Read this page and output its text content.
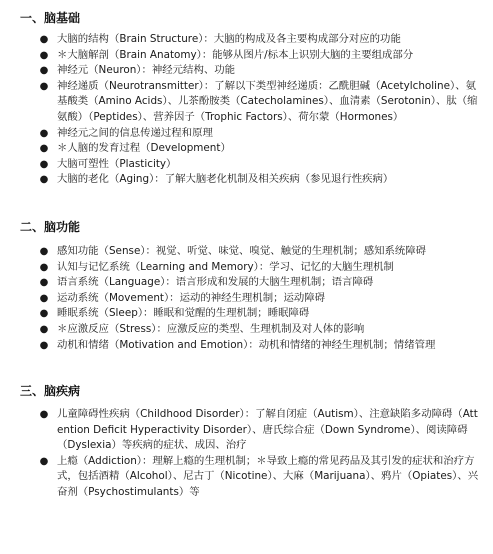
一、脑基础
● 大脑的结构（Brain Structure）：大脑的构成及各主要构成部分对应的功能
● ＊大脑解剖（Brain Anatomy）：能够从图片/标本上识别大脑的主要组成部分
● 神经元（Neuron）：神经元结构、功能
● 神经递质（Neurotransmitter）：了解以下类型神经递质：乙酰胆碱（Acetylcholine）、氨基酸类（Amino Acids）、儿茶酚胺类（Catecholamines）、血清素（Serotonin）、肽（缩氨酸）（Peptides）、营养因子（Trophic Factors）、荷尔蒙（Hormones）
● 神经元之间的信息传递过程和原理
● ＊人脑的发育过程（Development）
● 大脑可塑性（Plasticity）
● 大脑的老化（Aging）：了解大脑老化机制及相关疾病（参见退行性疾病）
二、脑功能
● 感知功能（Sense）：视觉、听觉、味觉、嗅觉、触觉的生理机制；感知系统障碍
● 认知与记忆系统（Learning and Memory）：学习、记忆的大脑生理机制
● 语言系统（Language）：语言形成和发展的大脑生理机制；语言障碍
● 运动系统（Movement）：运动的神经生理机制；运动障碍
● 睡眠系统（Sleep）：睡眠和觉醒的生理机制；睡眠障碍
● ＊应激反应（Stress）：应激反应的类型、生理机制及对人体的影响
● 动机和情绪（Motivation and Emotion）：动机和情绪的神经生理机制；情绪管理
三、脑疾病
● 儿童障碍性疾病（Childhood Disorder）：了解自闭症（Autism）、注意缺陷多动障碍（Attention Deficit Hyperactivity Disorder）、唐氏综合症（Down Syndrome）、阅读障碍（Dyslexia）等疾病的症状、成因、治疗
● 上瘾（Addiction）：理解上瘾的生理机制；＊导致上瘾的常见药品及其引发的症状和治疗方式，包括酒精（Alcohol）、尼古丁（Nicotine）、大麻（Marijuana）、鸦片（Opiates）、兴奋剂（Psychostimulants）等
